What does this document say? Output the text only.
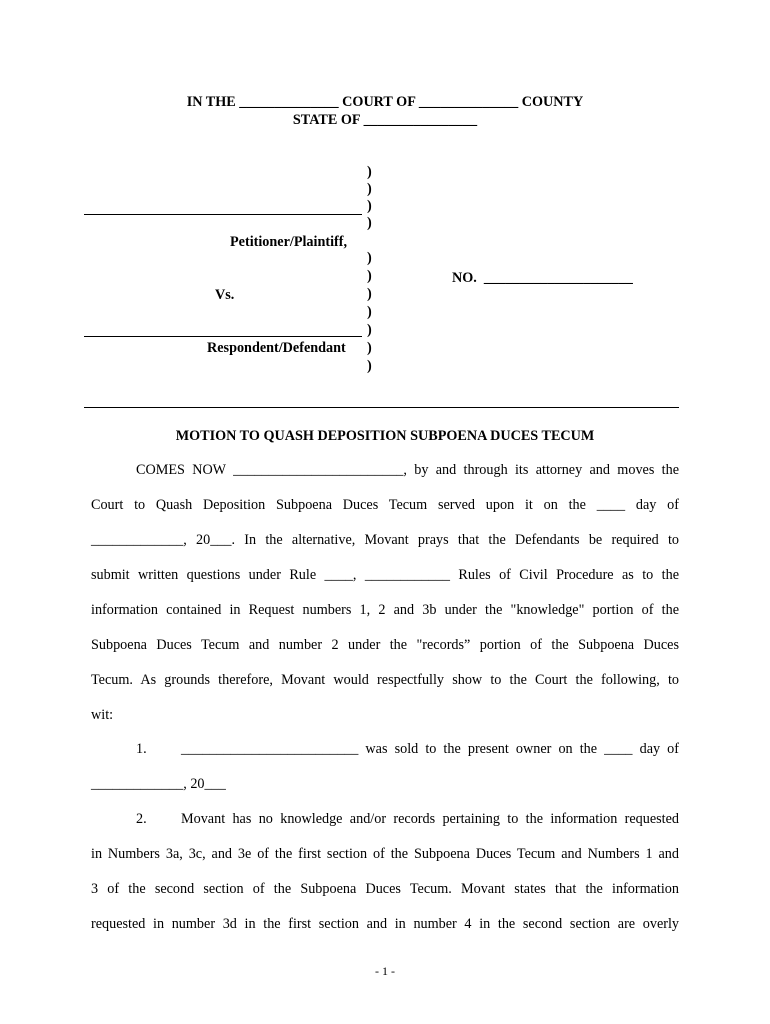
IN THE ______________ COURT OF ______________ COUNTY
STATE OF ________________
)
)
)
)
)
)
)
)
)
)
)
Petitioner/Plaintiff,
Vs.
Respondent/Defendant
NO.  _____________________
MOTION TO QUASH DEPOSITION SUBPOENA DUCES TECUM
COMES NOW ________________________, by and through its attorney and moves the
Court to Quash Deposition Subpoena Duces Tecum served upon it on the ____ day of
_____________, 20___. In the alternative, Movant prays that the Defendants be required to
submit written questions under Rule ____, ____________ Rules of Civil Procedure as to the
information contained in Request numbers 1, 2 and 3b under the "knowledge" portion of the
Subpoena Duces Tecum and number 2 under the "records” portion of the Subpoena Duces
Tecum. As grounds therefore, Movant would respectfully show to the Court the following, to
wit:
1. _________________________ was sold to the present owner on the ____ day of
_____________, 20___
2. Movant has no knowledge and/or records pertaining to the information requested
in Numbers 3a, 3c, and 3e of the first section of the Subpoena Duces Tecum and Numbers 1 and
3 of the second section of the Subpoena Duces Tecum. Movant states that the information
requested in number 3d in the first section and in number 4 in the second section are overly
- 1 -
